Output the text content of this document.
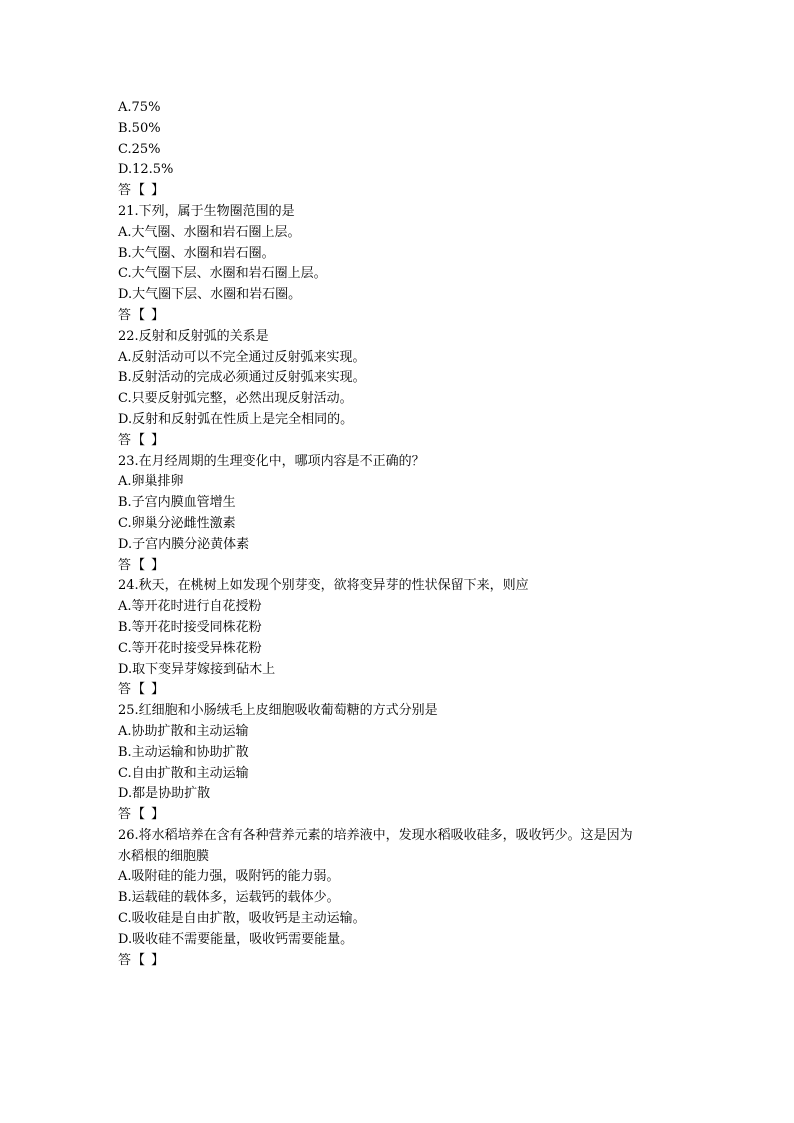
A.75%
B.50%
C.25%
D.12.5%
答【 】
21.下列，属于生物圈范围的是
A.大气圈、水圈和岩石圈上层。
B.大气圈、水圈和岩石圈。
C.大气圈下层、水圈和岩石圈上层。
D.大气圈下层、水圈和岩石圈。
答【 】
22.反射和反射弧的关系是
A.反射活动可以不完全通过反射弧来实现。
B.反射活动的完成必须通过反射弧来实现。
C.只要反射弧完整，必然出现反射活动。
D.反射和反射弧在性质上是完全相同的。
答【 】
23.在月经周期的生理变化中，哪项内容是不正确的？
A.卵巢排卵
B.子宫内膜血管增生
C.卵巢分泌雌性激素
D.子宫内膜分泌黄体素
答【 】
24.秋天，在桃树上如发现个别芽变，欲将变异芽的性状保留下来，则应
A.等开花时进行自花授粉
B.等开花时接受同株花粉
C.等开花时接受异株花粉
D.取下变异芽嫁接到砧木上
答【 】
25.红细胞和小肠绒毛上皮细胞吸收葡萄糖的方式分别是
A.协助扩散和主动运输
B.主动运输和协助扩散
C.自由扩散和主动运输
D.都是协助扩散
答【 】
26.将水稻培养在含有各种营养元素的培养液中，发现水稻吸收硅多，吸收钙少。这是因为
水稻根的细胞膜
A.吸附硅的能力强，吸附钙的能力弱。
B.运载硅的载体多，运载钙的载体少。
C.吸收硅是自由扩散，吸收钙是主动运输。
D.吸收硅不需要能量，吸收钙需要能量。
答【 】
